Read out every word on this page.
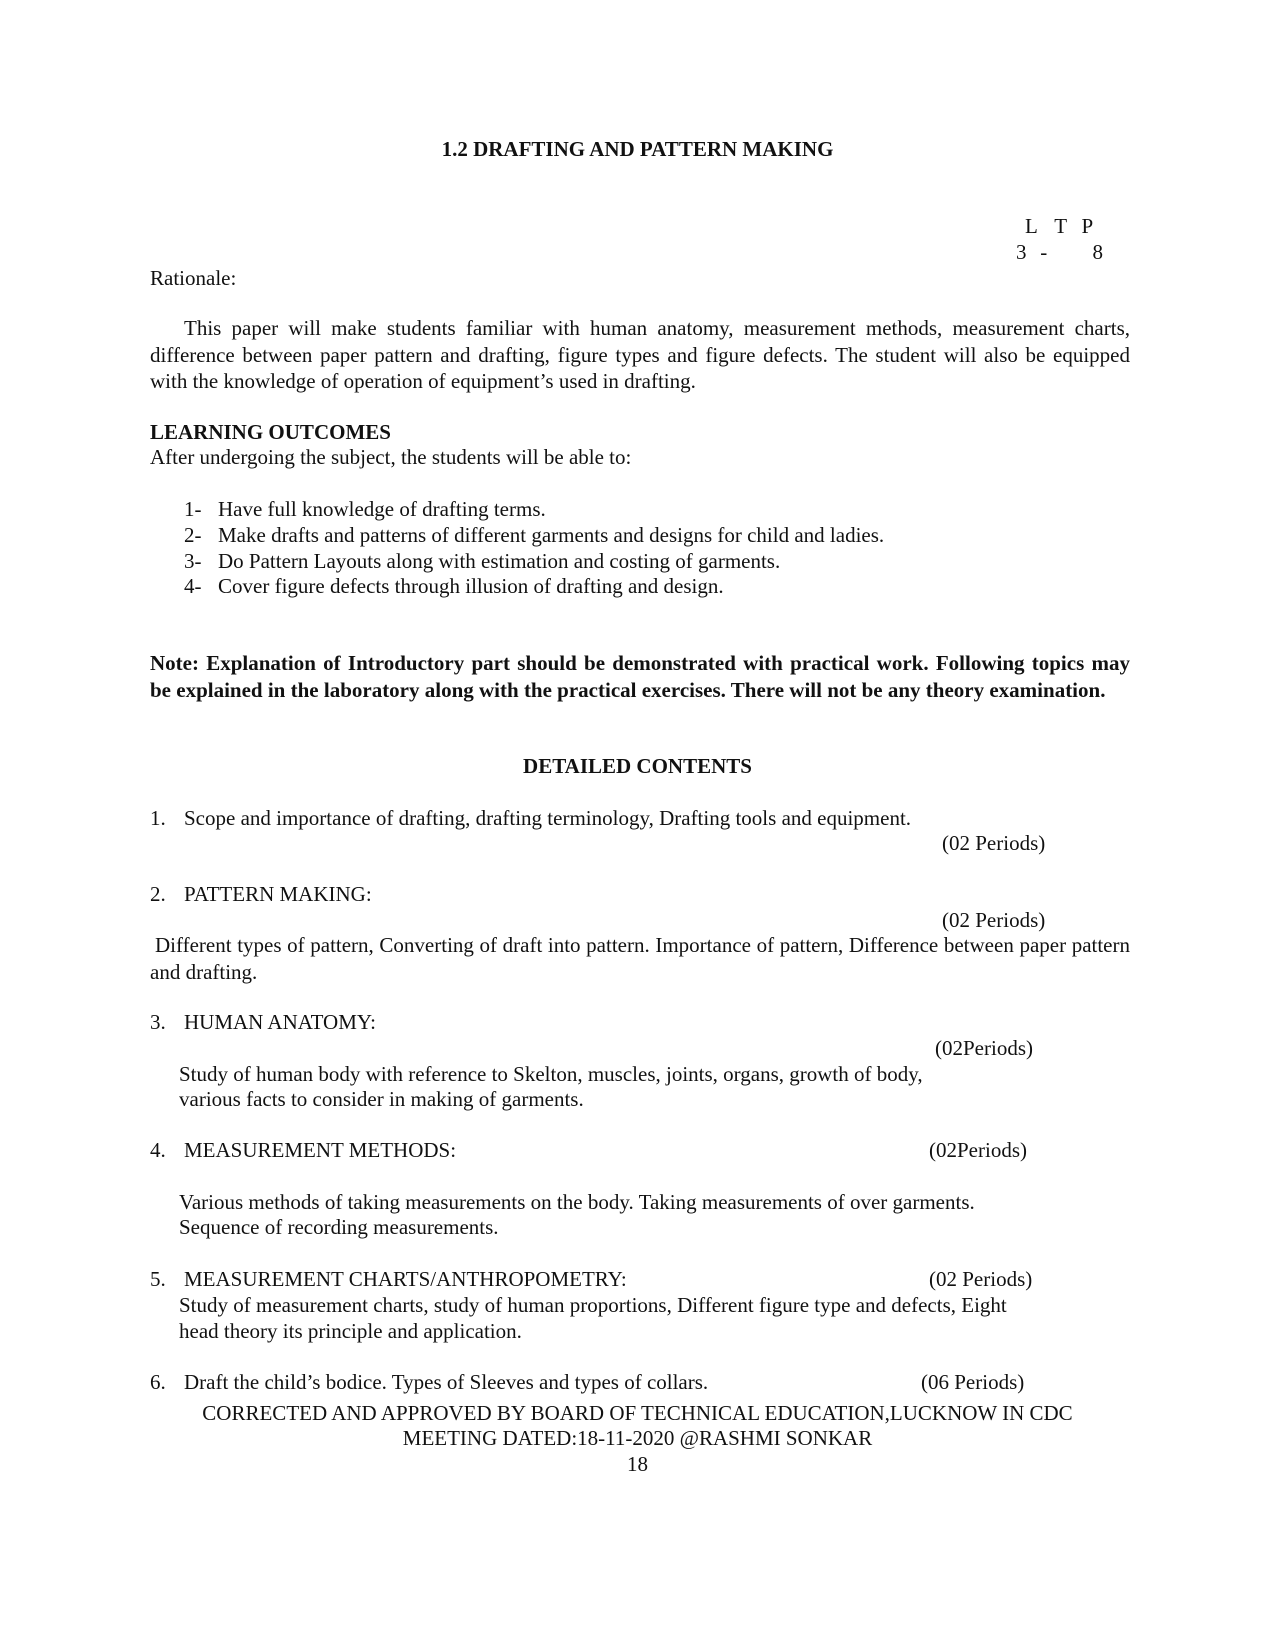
1.2 DRAFTING AND PATTERN MAKING
L T P
3 - 8
Rationale:
This paper will make students familiar with human anatomy, measurement methods, measurement charts, difference between paper pattern and drafting, figure types and figure defects. The student will also be equipped with the knowledge of operation of equipment’s used in drafting.
LEARNING OUTCOMES
After undergoing the subject, the students will be able to:
1- Have full knowledge of drafting terms.
2- Make drafts and patterns of different garments and designs for child and ladies.
3- Do Pattern Layouts along with estimation and costing of garments.
4- Cover figure defects through illusion of drafting and design.
Note: Explanation of Introductory part should be demonstrated with practical work. Following topics may be explained in the laboratory along with the practical exercises. There will not be any theory examination.
DETAILED CONTENTS
1. Scope and importance of drafting, drafting terminology, Drafting tools and equipment.
(02 Periods)
2. PATTERN MAKING:
(02 Periods)
Different types of pattern, Converting of draft into pattern. Importance of pattern, Difference between paper pattern and drafting.
3. HUMAN ANATOMY:
(02Periods)
Study of human body with reference to Skelton, muscles, joints, organs, growth of body,
various facts to consider in making of garments.
4. MEASUREMENT METHODS:	(02Periods)
Various methods of taking measurements on the body. Taking measurements of over garments.
Sequence of recording measurements.
5. MEASUREMENT CHARTS/ANTHROPOMETRY:	(02 Periods)
Study of measurement charts, study of human proportions, Different figure type and defects, Eight
head theory its principle and application.
6. Draft the child’s bodice. Types of Sleeves and types of collars.	(06 Periods)
CORRECTED AND APPROVED BY BOARD OF TECHNICAL EDUCATION,LUCKNOW IN CDC
MEETING DATED:18-11-2020 @RASHMI SONKAR
18
